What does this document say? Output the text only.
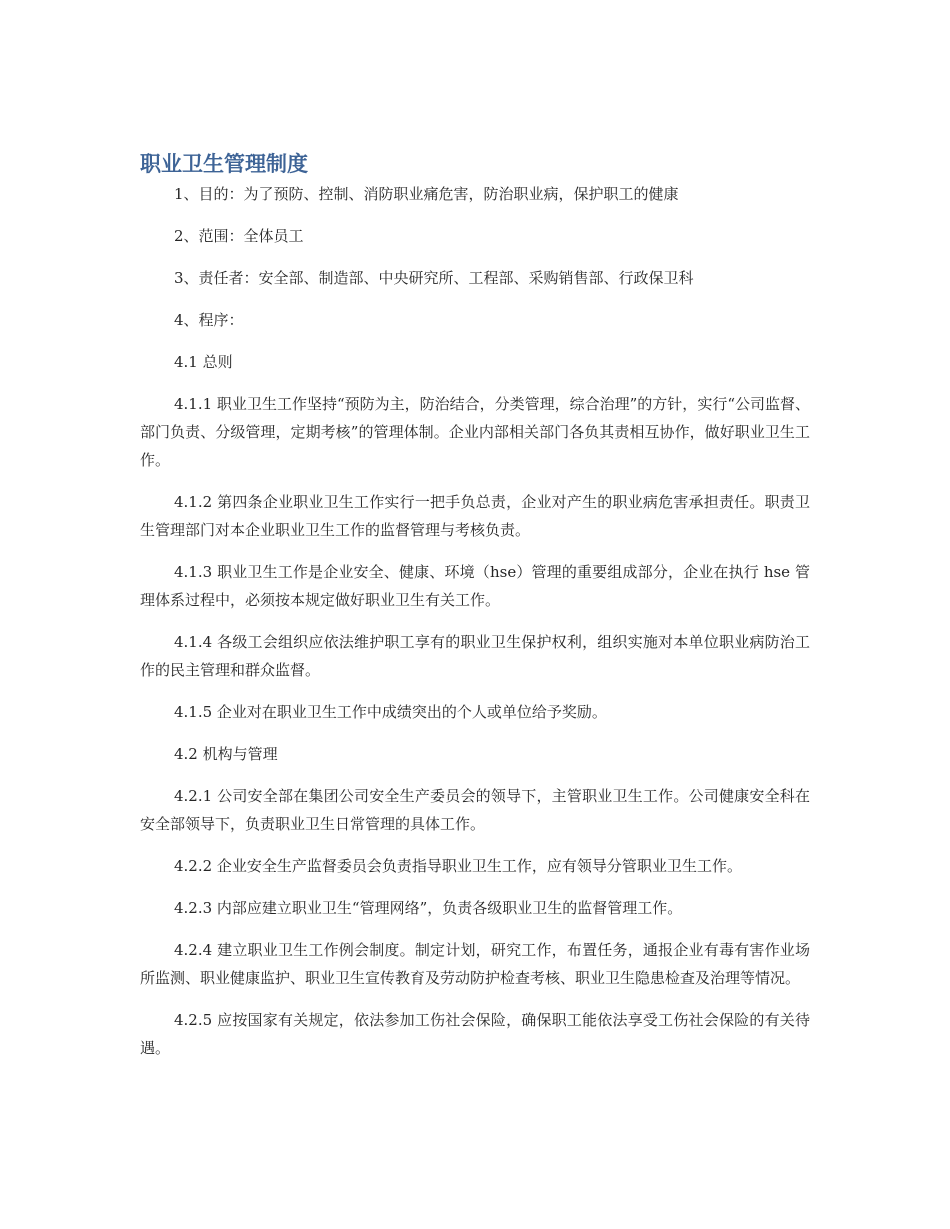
职业卫生管理制度

1、目的：为了预防、控制、消防职业痛危害，防治职业病，保护职工的健康

2、范围：全体员工

3、责任者：安全部、制造部、中央研究所、工程部、采购销售部、行政保卫科

4、程序：

4.1 总则

4.1.1 职业卫生工作坚持“预防为主，防治结合，分类管理，综合治理”的方针，实行“公司监督、部门负责、分级管理，定期考核”的管理体制。企业内部相关部门各负其责相互协作，做好职业卫生工作。

4.1.2 第四条企业职业卫生工作实行一把手负总责，企业对产生的职业病危害承担责任。职责卫生管理部门对本企业职业卫生工作的监督管理与考核负责。

4.1.3 职业卫生工作是企业安全、健康、环境（hse）管理的重要组成部分，企业在执行 hse 管理体系过程中，必须按本规定做好职业卫生有关工作。

4.1.4 各级工会组织应依法维护职工享有的职业卫生保护权利，组织实施对本单位职业病防治工作的民主管理和群众监督。

4.1.5 企业对在职业卫生工作中成绩突出的个人或单位给予奖励。

4.2 机构与管理

4.2.1 公司安全部在集团公司安全生产委员会的领导下，主管职业卫生工作。公司健康安全科在安全部领导下，负责职业卫生日常管理的具体工作。

4.2.2 企业安全生产监督委员会负责指导职业卫生工作，应有领导分管职业卫生工作。

4.2.3 内部应建立职业卫生“管理网络”，负责各级职业卫生的监督管理工作。

4.2.4 建立职业卫生工作例会制度。制定计划，研究工作，布置任务，通报企业有毒有害作业场所监测、职业健康监护、职业卫生宣传教育及劳动防护检查考核、职业卫生隐患检查及治理等情况。

4.2.5 应按国家有关规定，依法参加工伤社会保险，确保职工能依法享受工伤社会保险的有关待遇。
